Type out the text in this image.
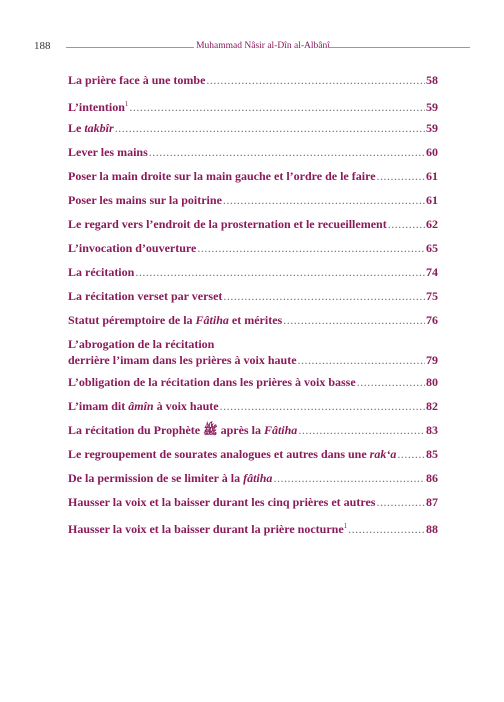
188	Muhammad Nâsir al-Dîn al-Albânî
La prière face à une tombe .....	58
L’intention$^1$ .....	59
Le takbîr .....	59
Lever les mains .....	60
Poser la main droite sur la main gauche et l’ordre de le faire .....	61
Poser les mains sur la poitrine .....	61
Le regard vers l’endroit de la prosternation et le recueillement .....	62
L’invocation d’ouverture .....	65
La récitation .....	74
La récitation verset par verset .....	75
Statut péremptoire de la Fâtiha et mérites .....	76
L’abrogation de la récitation
derrière l’imam dans les prières à voix haute .....	79
L’obligation de la récitation dans les prières à voix basse .....	80
L’imam dit âmîn à voix haute .....	82
La récitation du Prophète ﷺ après la Fâtiha .....	83
Le regroupement de sourates analogues et autres dans une rak‘a ..... 85
De la permission de se limiter à la fâtiha .....	86
Hausser la voix et la baisser durant les cinq prières et autres .....	87
Hausser la voix et la baisser durant la prière nocturne$^1$ .....	88
